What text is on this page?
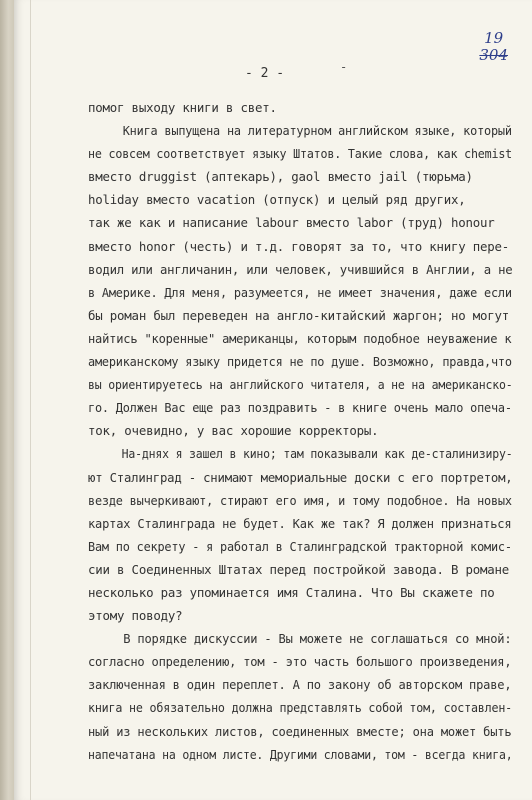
19
304
- 2 -	-
помог выходу книги в свет.
Книга выпущена на литературном английском языке, который
не совсем соответствует языку Штатов. Такие слова, как chemist
вместо druggist (аптекарь), gaol вместо jail (тюрьма)
holiday вместо vacation (отпуск) и целый ряд других,
так же как и написание labour вместо labor (труд) honour
вместо honor (честь) и т.д. говорят за то, что книгу пере-
водил или англичанин, или человек, учившийся в Англии, а не
в Америке. Для меня, разумеется, не имеет значения, даже если
бы роман был переведен на англо-китайский жаргон; но могут
найтись "коренные" американцы, которым подобное неуважение к
американскому языку придется не по душе. Возможно, правда,что
вы ориентируетесь на английского читателя, а не на американско-
го. Должен Вас еще раз поздравить - в книге очень мало опеча-
ток, очевидно, у вас хорошие корректоры.
На-днях я зашел в кино; там показывали как де-сталинизиру-
ют Сталинград - снимают мемориальные доски с его портретом,
везде вычеркивают, стирают его имя, и тому подобное. На новых
картах Сталинграда не будет. Как же так? Я должен признаться
Вам по секрету - я работал в Сталинградской тракторной комис-
сии в Соединенных Штатах перед постройкой завода. В романе
несколько раз упоминается имя Сталина. Что Вы скажете по
этому поводу?
В порядке дискуссии - Вы можете не соглашаться со мной:
согласно определению, том - это часть большого произведения,
заключенная в один переплет. А по закону об авторском праве,
книга не обязательно должна представлять собой том, составлен-
ный из нескольких листов, соединенных вместе; она может быть
напечатана на одном листе. Другими словами, том - всегда книга,
